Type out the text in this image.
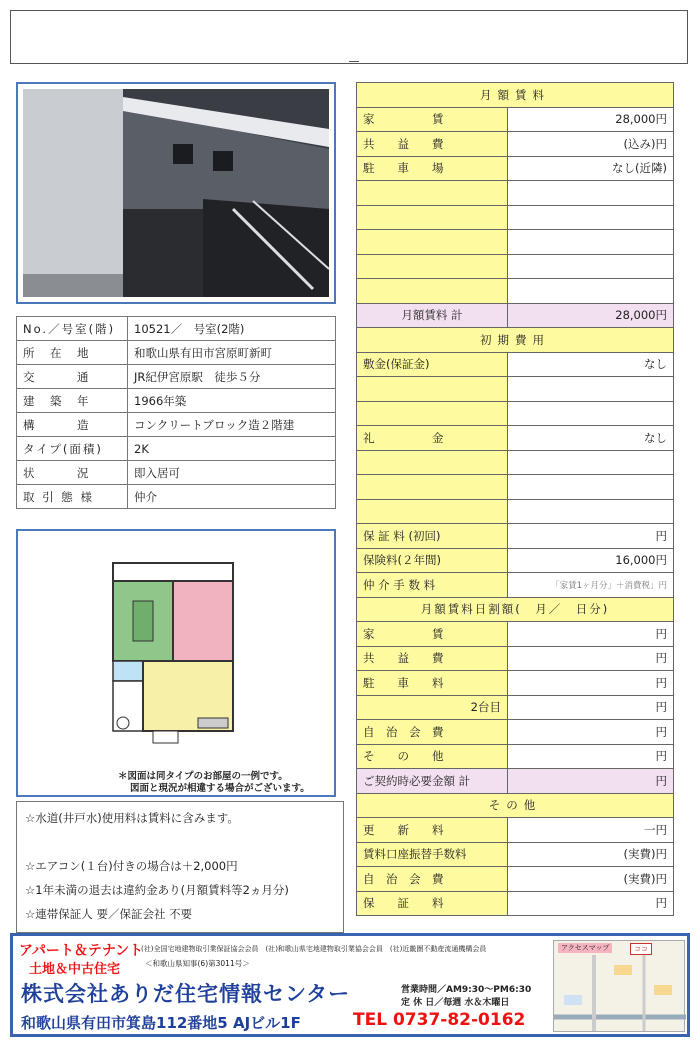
No.／号室(階)	10521／　号室(2階)
所　在　地	和歌山県有田市宮原町新町
交　　　通	JR紀伊宮原駅　徒歩５分
建　築　年	1966年築
構　　　造	コンクリートブロック造２階建
タイプ(面積)	2K
状　　　況	即入居可
取 引 態 様	仲介
＊図面は同タイプのお部屋の一例です。
図面と現況が相違する場合がございます。
☆水道(井戸水)使用料は賃料に含みます。
☆エアコン(１台)付きの場合は＋2,000円
☆1年未満の退去は違約金あり(月額賃料等2ヵ月分)
☆連帯保証人 要／保証会社 不要
月額賃料	
家　　　　　賃	28,000円
共　　益　　費	(込み)円
駐　　車　　場	なし(近隣)

月額賃料 計	28,000円
初期費用	
敷金(保証金)	なし

礼　　　　　金	なし

保 証 料 (初回)	円
保険料(２年間)	16,000円
仲 介 手 数 料	「家賃1ヶ月分」＋消費税」円
月額賃料日割額(　月／　日分)	
家　　　　　賃	円
共　　益　　費	円
駐　　車　　料	円
2台目	円
自　治　会　費	円
そ　　の　　他	円
ご契約時必要金額 計	円
その他	
更　　新　　料	一円
賃料口座振替手数料	(実費)円
自　治　会　費	(実費)円
保　　証　　料	円
アパート＆テナント
土地＆中古住宅
(社)全国宅地建物取引業保証協会会員　(社)和歌山県宅地建物取引業協会会員　(社)近畿圏不動産流通機構会員
＜和歌山県知事(6)第3011号＞
株式会社ありだ住宅情報センター	営業時間／AM9:30〜PM6:30
定 休 日／毎週 水＆木曜日
和歌山県有田市箕島112番地5 AJビル1F	TEL 0737-82-0162
アクセスマップ	ココ
